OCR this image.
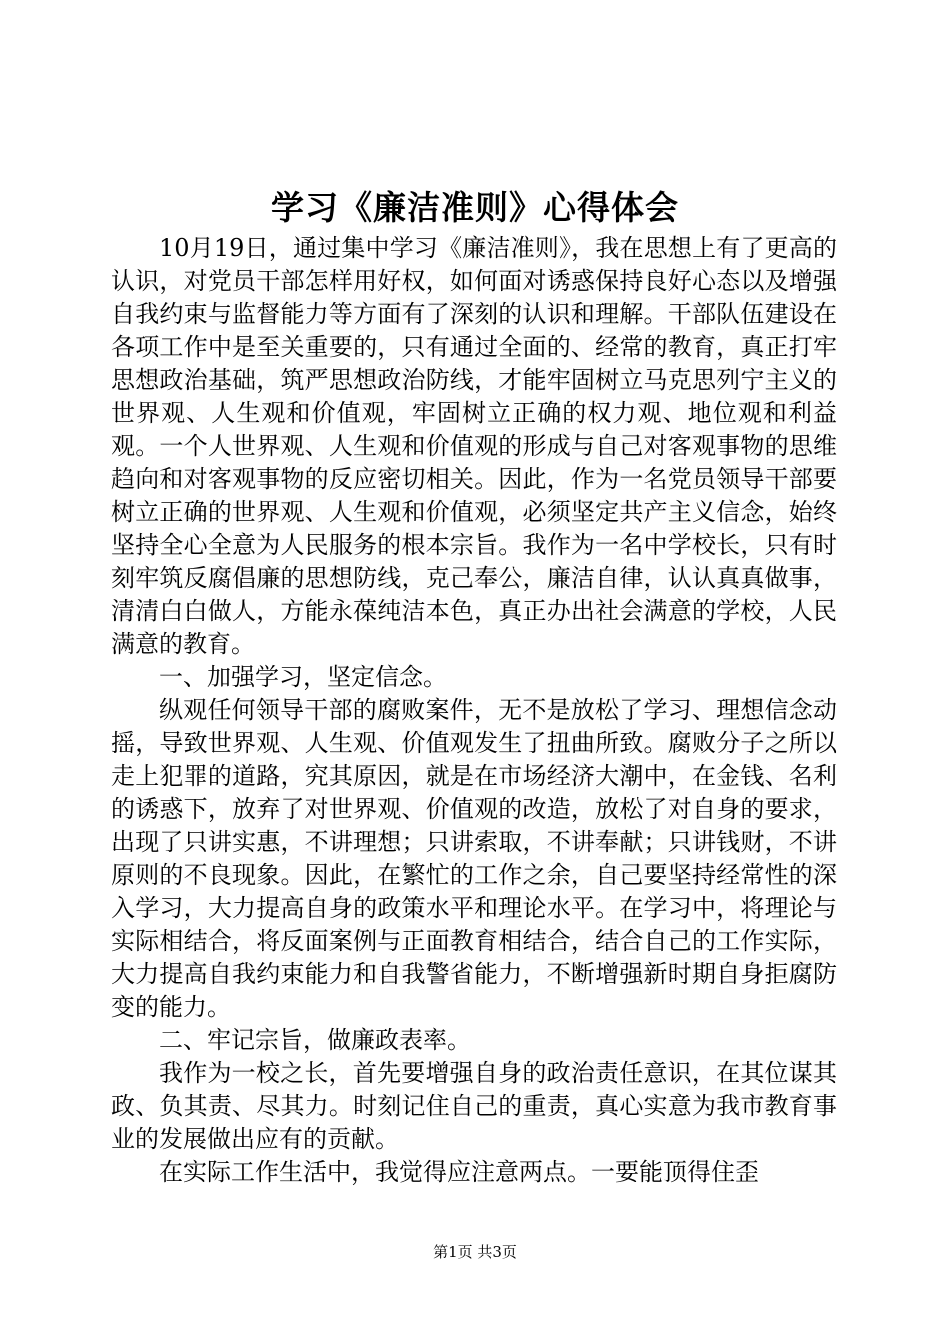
学习《廉洁准则》心得体会

10月19日，通过集中学习《廉洁准则》，我在思想上有了更高的认识，对党员干部怎样用好权，如何面对诱惑保持良好心态以及增强自我约束与监督能力等方面有了深刻的认识和理解。干部队伍建设在各项工作中是至关重要的，只有通过全面的、经常的教育，真正打牢思想政治基础，筑严思想政治防线，才能牢固树立马克思列宁主义的世界观、人生观和价值观，牢固树立正确的权力观、地位观和利益观。一个人世界观、人生观和价值观的形成与自己对客观事物的思维趋向和对客观事物的反应密切相关。因此，作为一名党员领导干部要树立正确的世界观、人生观和价值观，必须坚定共产主义信念，始终坚持全心全意为人民服务的根本宗旨。我作为一名中学校长，只有时刻牢筑反腐倡廉的思想防线，克己奉公，廉洁自律，认认真真做事，清清白白做人，方能永葆纯洁本色，真正办出社会满意的学校，人民满意的教育。

一、加强学习，坚定信念。

纵观任何领导干部的腐败案件，无不是放松了学习、理想信念动摇，导致世界观、人生观、价值观发生了扭曲所致。腐败分子之所以走上犯罪的道路，究其原因，就是在市场经济大潮中，在金钱、名利的诱惑下，放弃了对世界观、价值观的改造，放松了对自身的要求，出现了只讲实惠，不讲理想；只讲索取，不讲奉献；只讲钱财，不讲原则的不良现象。因此，在繁忙的工作之余，自己要坚持经常性的深入学习，大力提高自身的政策水平和理论水平。在学习中，将理论与实际相结合，将反面案例与正面教育相结合，结合自己的工作实际，大力提高自我约束能力和自我警省能力，不断增强新时期自身拒腐防变的能力。

二、牢记宗旨，做廉政表率。

我作为一校之长，首先要增强自身的政治责任意识，在其位谋其政、负其责、尽其力。时刻记住自己的重责，真心实意为我市教育事业的发展做出应有的贡献。

在实际工作生活中，我觉得应注意两点。一要能顶得住歪

第1页 共3页
